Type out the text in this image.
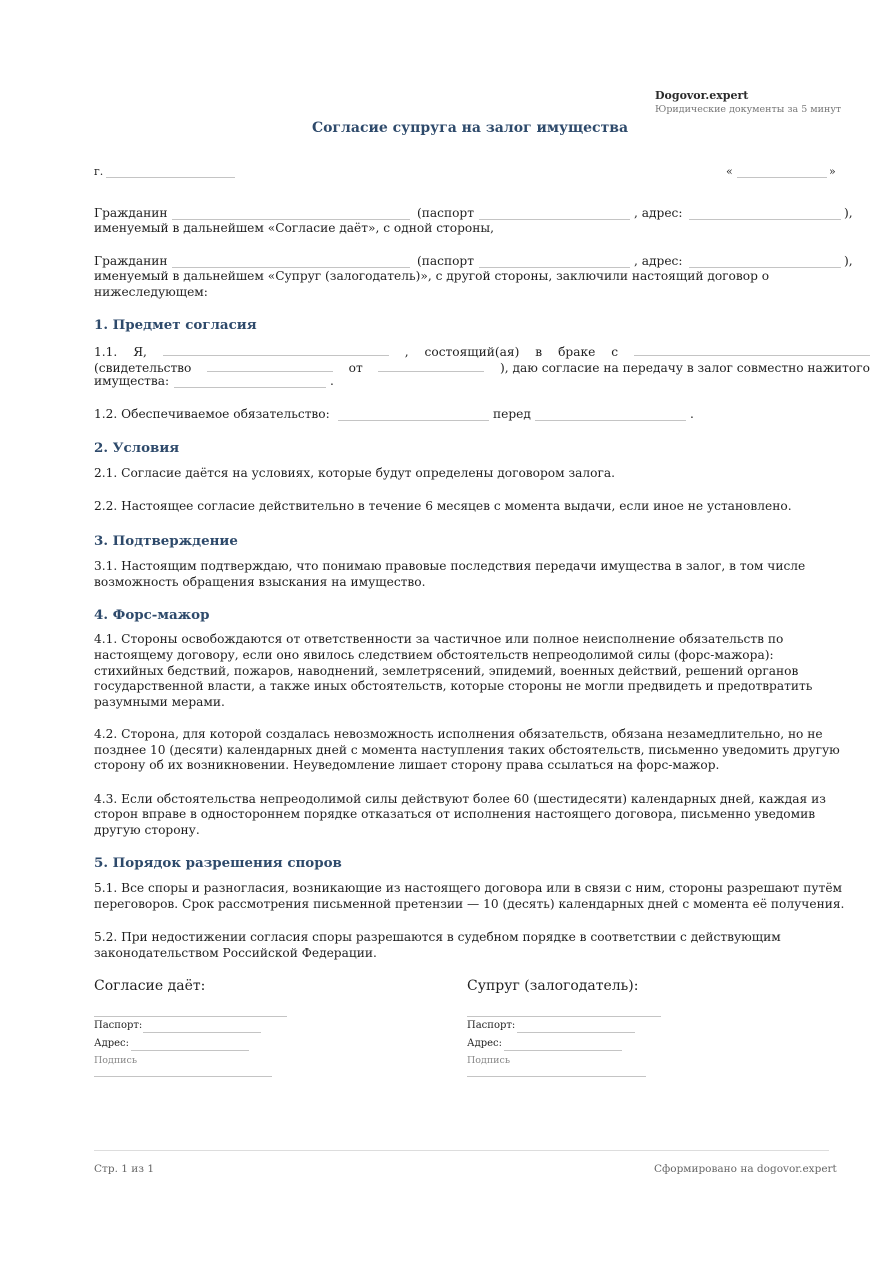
Dogovor.expert
Юридические документы за 5 минут
Согласие супруга на залог имущества
г.	«	»
Гражданин	(паспорт	, адрес:	),
именуемый в дальнейшем «Согласие даёт», с одной стороны,
Гражданин	(паспорт	, адрес:	),
именуемый в дальнейшем «Супруг (залогодатель)», с другой стороны, заключили настоящий договор о
нижеследующем:
1. Предмет согласия
1.1. Я,	, состоящий(ая) в браке с
(свидетельство	от	), даю согласие на передачу в залог совместно нажитого
имущества:	.
1.2. Обеспечиваемое обязательство:	перед	.
2. Условия
2.1. Согласие даётся на условиях, которые будут определены договором залога.
2.2. Настоящее согласие действительно в течение 6 месяцев с момента выдачи, если иное не установлено.
3. Подтверждение
3.1. Настоящим подтверждаю, что понимаю правовые последствия передачи имущества в залог, в том числе
возможность обращения взыскания на имущество.
4. Форс-мажор
4.1. Стороны освобождаются от ответственности за частичное или полное неисполнение обязательств по
настоящему договору, если оно явилось следствием обстоятельств непреодолимой силы (форс-мажора):
стихийных бедствий, пожаров, наводнений, землетрясений, эпидемий, военных действий, решений органов
государственной власти, а также иных обстоятельств, которые стороны не могли предвидеть и предотвратить
разумными мерами.
4.2. Сторона, для которой создалась невозможность исполнения обязательств, обязана незамедлительно, но не
позднее 10 (десяти) календарных дней с момента наступления таких обстоятельств, письменно уведомить другую
сторону об их возникновении. Неуведомление лишает сторону права ссылаться на форс-мажор.
4.3. Если обстоятельства непреодолимой силы действуют более 60 (шестидесяти) календарных дней, каждая из
сторон вправе в одностороннем порядке отказаться от исполнения настоящего договора, письменно уведомив
другую сторону.
5. Порядок разрешения споров
5.1. Все споры и разногласия, возникающие из настоящего договора или в связи с ним, стороны разрешают путём
переговоров. Срок рассмотрения письменной претензии — 10 (десять) календарных дней с момента её получения.
5.2. При недостижении согласия споры разрешаются в судебном порядке в соответствии с действующим
законодательством Российской Федерации.
Согласие даёт:
Паспорт:
Адрес:
Подпись
Супруг (залогодатель):
Паспорт:
Адрес:
Подпись
Стр. 1 из 1	Сформировано на dogovor.expert
